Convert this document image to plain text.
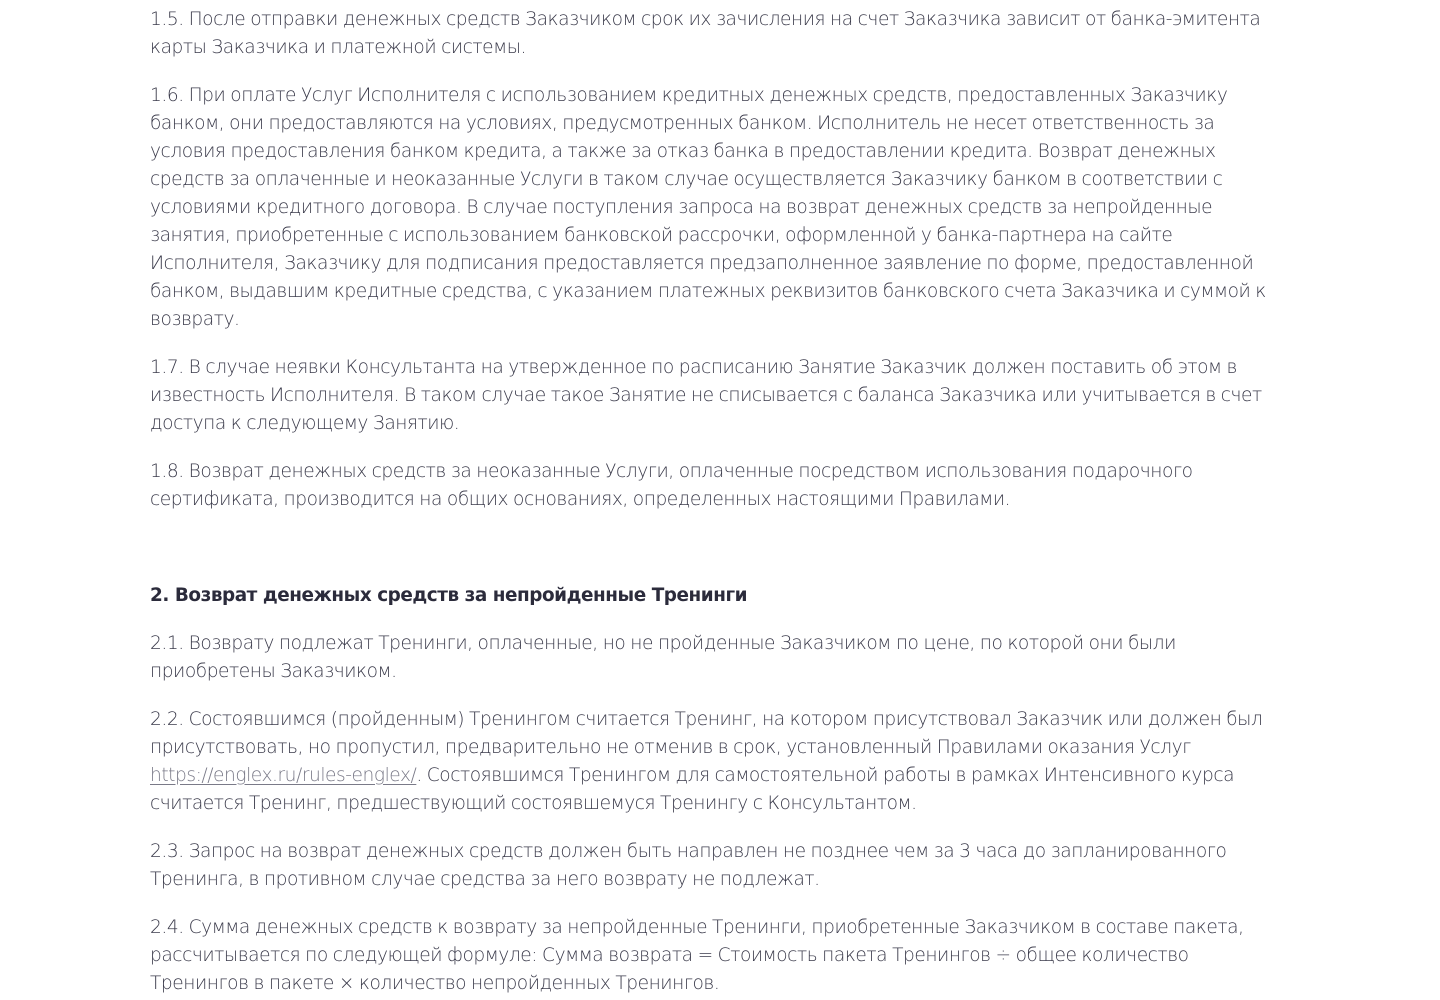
1.5. После отправки денежных средств Заказчиком срок их зачисления на счет Заказчика зависит от банка-эмитента карты Заказчика и платежной системы.

1.6. При оплате Услуг Исполнителя с использованием кредитных денежных средств, предоставленных Заказчику банком, они предоставляются на условиях, предусмотренных банком. Исполнитель не несет ответственность за условия предоставления банком кредита, а также за отказ банка в предоставлении кредита. Возврат денежных средств за оплаченные и неоказанные Услуги в таком случае осуществляется Заказчику банком в соответствии с условиями кредитного договора. В случае поступления запроса на возврат денежных средств за непройденные занятия, приобретенные с использованием банковской рассрочки, оформленной у банка-партнера на сайте Исполнителя, Заказчику для подписания предоставляется предзаполненное заявление по форме, предоставленной банком, выдавшим кредитные средства, с указанием платежных реквизитов банковского счета Заказчика и суммой к возврату.

1.7. В случае неявки Консультанта на утвержденное по расписанию Занятие Заказчик должен поставить об этом в известность Исполнителя. В таком случае такое Занятие не списывается с баланса Заказчика или учитывается в счет доступа к следующему Занятию.

1.8. Возврат денежных средств за неоказанные Услуги, оплаченные посредством использования подарочного сертификата, производится на общих основаниях, определенных настоящими Правилами.

2. Возврат денежных средств за непройденные Тренинги

2.1. Возврату подлежат Тренинги, оплаченные, но не пройденные Заказчиком по цене, по которой они были приобретены Заказчиком.

2.2. Состоявшимся (пройденным) Тренингом считается Тренинг, на котором присутствовал Заказчик или должен был присутствовать, но пропустил, предварительно не отменив в срок, установленный Правилами оказания Услуг https://englex.ru/rules-englex/. Состоявшимся Тренингом для самостоятельной работы в рамках Интенсивного курса считается Тренинг, предшествующий состоявшемуся Тренингу с Консультантом.

2.3. Запрос на возврат денежных средств должен быть направлен не позднее чем за 3 часа до запланированного Тренинга, в противном случае средства за него возврату не подлежат.

2.4. Сумма денежных средств к возврату за непройденные Тренинги, приобретенные Заказчиком в составе пакета, рассчитывается по следующей формуле: Сумма возврата = Стоимость пакета Тренингов ÷ общее количество Тренингов в пакете × количество непройденных Тренингов.
